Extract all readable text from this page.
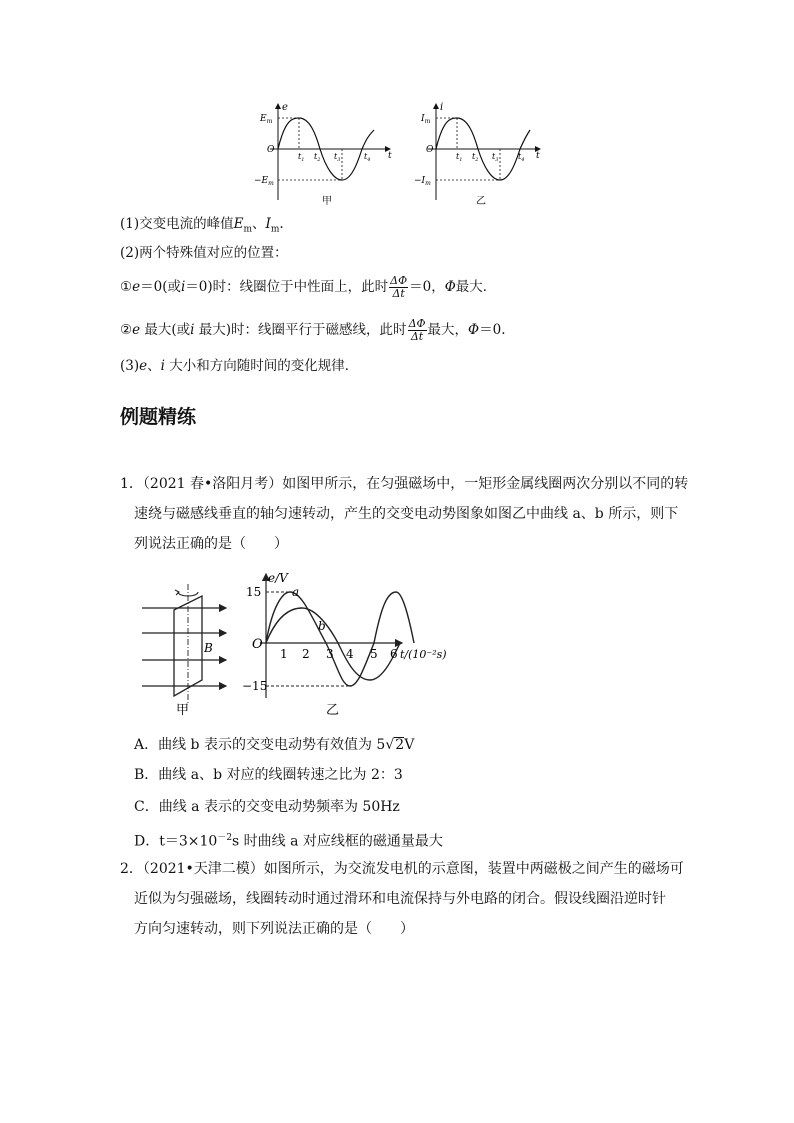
e
$E_m$
$-E_m$
O
t
$t_1$ $t_2$ $t_3$	$t_4$
甲
i
$I_m$
$-I_m$
O
t
$t_1$ $t_2$ $t_3$ $t_4$
乙
(1)交变电流的峰值$E_m$、$I_m$.
(2)两个特殊值对应的位置：
①e＝0(或i＝0)时：线圈位于中性面上，此时 $\frac{\Delta\Phi}{\Delta t} =0$，Φ最大．
②e 最大(或i 最大)时：线圈平行于磁感线，此时 $\frac{\Delta\Phi}{\Delta t}$ 最大，Φ＝0.
(3)e、i 大小和方向随时间的变化规律．
例题精练
1．（2021 春•洛阳月考）如图甲所示，在匀强磁场中，一矩形金属线圈两次分别以不同的转
速绕与磁感线垂直的轴匀速转动，产生的交变电动势图象如图乙中曲线 a、b 所示，则下
列说法正确的是（　　）
B
甲
e/V
15
−15
O
a
b
1 2 3 4 5 6 t/(10⁻²s)
乙
A．曲线 b 表示的交变电动势有效值为 5√2V
B．曲线 a、b 对应的线圈转速之比为 2：3
C．曲线 a 表示的交变电动势频率为 50Hz
D．$t=3\times 10^{-2}s$ 时曲线 a 对应线框的磁通量最大
2．（2021•天津二模）如图所示，为交流发电机的示意图，装置中两磁极之间产生的磁场可
近似为匀强磁场，线圈转动时通过滑环和电流保持与外电路的闭合。假设线圈沿逆时针
方向匀速转动，则下列说法正确的是（　　）
